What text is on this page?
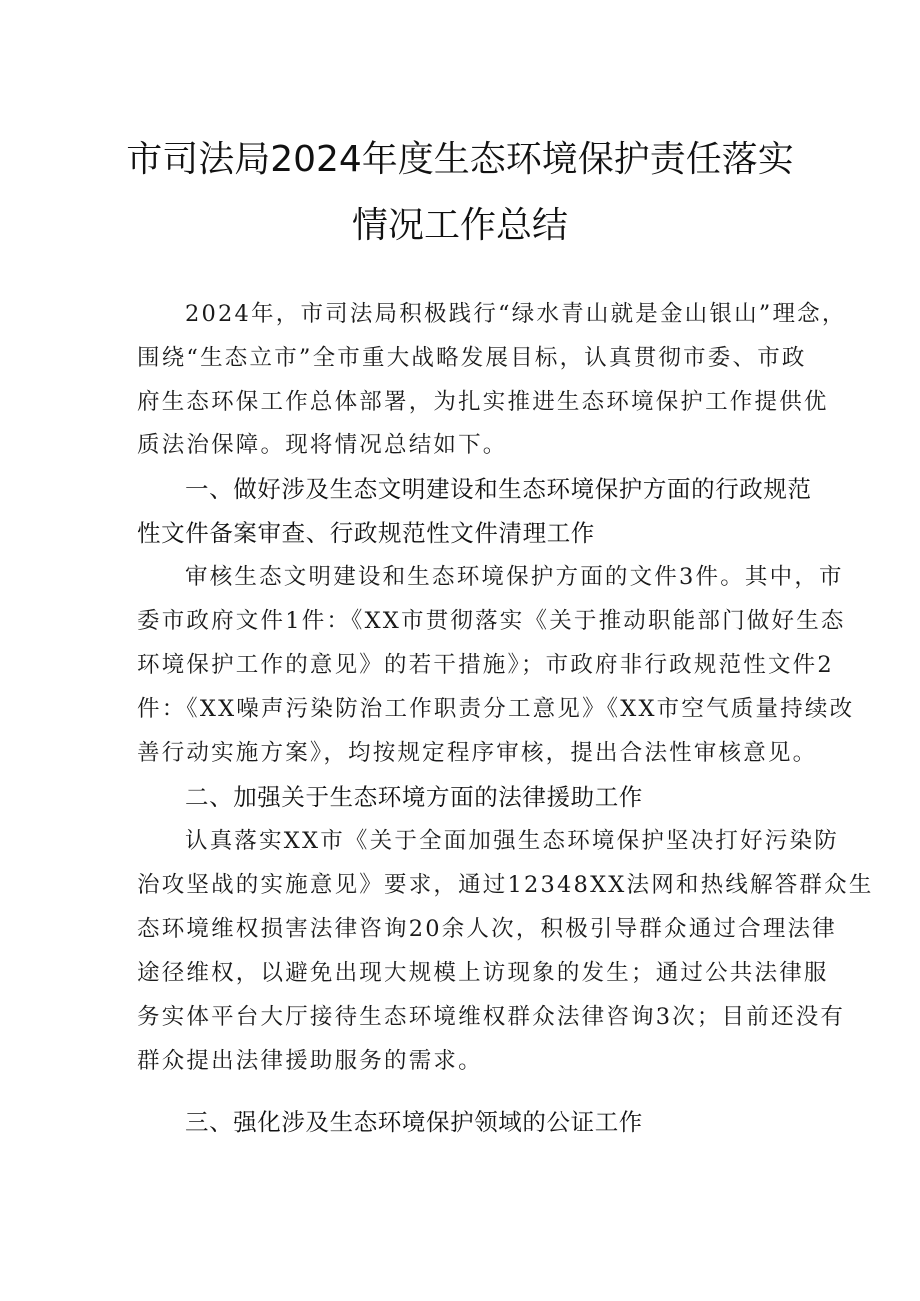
市司法局2024年度生态环境保护责任落实
情况工作总结
2024年，市司法局积极践行“绿水青山就是金山银山”理念，
围绕“生态立市”全市重大战略发展目标，认真贯彻市委、市政
府生态环保工作总体部署，为扎实推进生态环境保护工作提供优
质法治保障。现将情况总结如下。
一、做好涉及生态文明建设和生态环境保护方面的行政规范
性文件备案审查、行政规范性文件清理工作
审核生态文明建设和生态环境保护方面的文件3件。其中，市
委市政府文件1件：《XX市贯彻落实《关于推动职能部门做好生态
环境保护工作的意见》的若干措施》；市政府非行政规范性文件2
件：《XX噪声污染防治工作职责分工意见》《XX市空气质量持续改
善行动实施方案》，均按规定程序审核，提出合法性审核意见。
二、加强关于生态环境方面的法律援助工作
认真落实XX市《关于全面加强生态环境保护坚决打好污染防
治攻坚战的实施意见》要求，通过12348XX法网和热线解答群众生
态环境维权损害法律咨询20余人次，积极引导群众通过合理法律
途径维权，以避免出现大规模上访现象的发生；通过公共法律服
务实体平台大厅接待生态环境维权群众法律咨询3次；目前还没有
群众提出法律援助服务的需求。
三、强化涉及生态环境保护领域的公证工作
